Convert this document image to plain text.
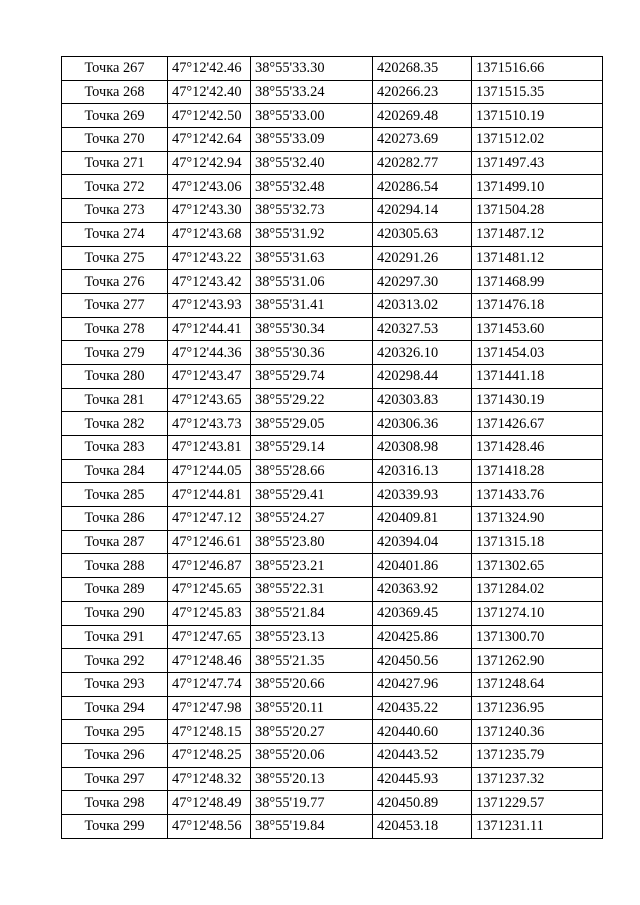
Точка 267	47°12'42.46	38°55'33.30	420268.35	1371516.66
Точка 268	47°12'42.40	38°55'33.24	420266.23	1371515.35
Точка 269	47°12'42.50	38°55'33.00	420269.48	1371510.19
Точка 270	47°12'42.64	38°55'33.09	420273.69	1371512.02
Точка 271	47°12'42.94	38°55'32.40	420282.77	1371497.43
Точка 272	47°12'43.06	38°55'32.48	420286.54	1371499.10
Точка 273	47°12'43.30	38°55'32.73	420294.14	1371504.28
Точка 274	47°12'43.68	38°55'31.92	420305.63	1371487.12
Точка 275	47°12'43.22	38°55'31.63	420291.26	1371481.12
Точка 276	47°12'43.42	38°55'31.06	420297.30	1371468.99
Точка 277	47°12'43.93	38°55'31.41	420313.02	1371476.18
Точка 278	47°12'44.41	38°55'30.34	420327.53	1371453.60
Точка 279	47°12'44.36	38°55'30.36	420326.10	1371454.03
Точка 280	47°12'43.47	38°55'29.74	420298.44	1371441.18
Точка 281	47°12'43.65	38°55'29.22	420303.83	1371430.19
Точка 282	47°12'43.73	38°55'29.05	420306.36	1371426.67
Точка 283	47°12'43.81	38°55'29.14	420308.98	1371428.46
Точка 284	47°12'44.05	38°55'28.66	420316.13	1371418.28
Точка 285	47°12'44.81	38°55'29.41	420339.93	1371433.76
Точка 286	47°12'47.12	38°55'24.27	420409.81	1371324.90
Точка 287	47°12'46.61	38°55'23.80	420394.04	1371315.18
Точка 288	47°12'46.87	38°55'23.21	420401.86	1371302.65
Точка 289	47°12'45.65	38°55'22.31	420363.92	1371284.02
Точка 290	47°12'45.83	38°55'21.84	420369.45	1371274.10
Точка 291	47°12'47.65	38°55'23.13	420425.86	1371300.70
Точка 292	47°12'48.46	38°55'21.35	420450.56	1371262.90
Точка 293	47°12'47.74	38°55'20.66	420427.96	1371248.64
Точка 294	47°12'47.98	38°55'20.11	420435.22	1371236.95
Точка 295	47°12'48.15	38°55'20.27	420440.60	1371240.36
Точка 296	47°12'48.25	38°55'20.06	420443.52	1371235.79
Точка 297	47°12'48.32	38°55'20.13	420445.93	1371237.32
Точка 298	47°12'48.49	38°55'19.77	420450.89	1371229.57
Точка 299	47°12'48.56	38°55'19.84	420453.18	1371231.11
